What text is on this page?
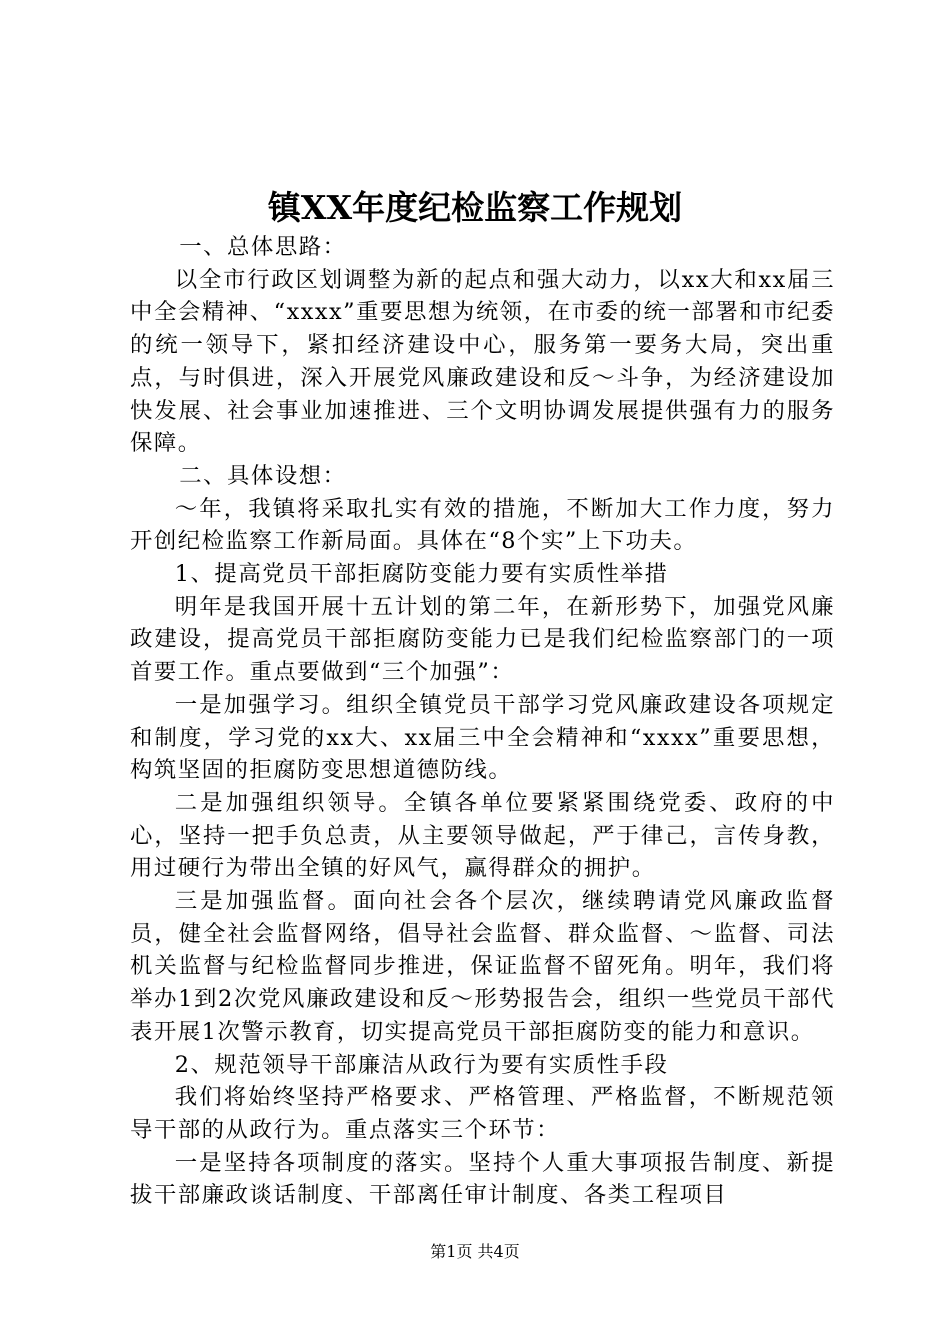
镇XX年度纪检监察工作规划

一、总体思路：

以全市行政区划调整为新的起点和强大动力，以xx大和xx届三中全会精神、“xxxx”重要思想为统领，在市委的统一部署和市纪委的统一领导下，紧扣经济建设中心，服务第一要务大局，突出重点，与时俱进，深入开展党风廉政建设和反～斗争，为经济建设加快发展、社会事业加速推进、三个文明协调发展提供强有力的服务保障。

二、具体设想：

～年，我镇将采取扎实有效的措施，不断加大工作力度，努力开创纪检监察工作新局面。具体在“8个实”上下功夫。

1、提高党员干部拒腐防变能力要有实质性举措

明年是我国开展十五计划的第二年，在新形势下，加强党风廉政建设，提高党员干部拒腐防变能力已是我们纪检监察部门的一项首要工作。重点要做到“三个加强”：

一是加强学习。组织全镇党员干部学习党风廉政建设各项规定和制度，学习党的xx大、xx届三中全会精神和“xxxx”重要思想，构筑坚固的拒腐防变思想道德防线。

二是加强组织领导。全镇各单位要紧紧围绕党委、政府的中心，坚持一把手负总责，从主要领导做起，严于律己，言传身教，用过硬行为带出全镇的好风气，赢得群众的拥护。

三是加强监督。面向社会各个层次，继续聘请党风廉政监督员，健全社会监督网络，倡导社会监督、群众监督、～监督、司法机关监督与纪检监督同步推进，保证监督不留死角。明年，我们将举办1到2次党风廉政建设和反～形势报告会，组织一些党员干部代表开展1次警示教育，切实提高党员干部拒腐防变的能力和意识。

2、规范领导干部廉洁从政行为要有实质性手段

我们将始终坚持严格要求、严格管理、严格监督，不断规范领导干部的从政行为。重点落实三个环节：

一是坚持各项制度的落实。坚持个人重大事项报告制度、新提拔干部廉政谈话制度、干部离任审计制度、各类工程项目

第1页 共4页
